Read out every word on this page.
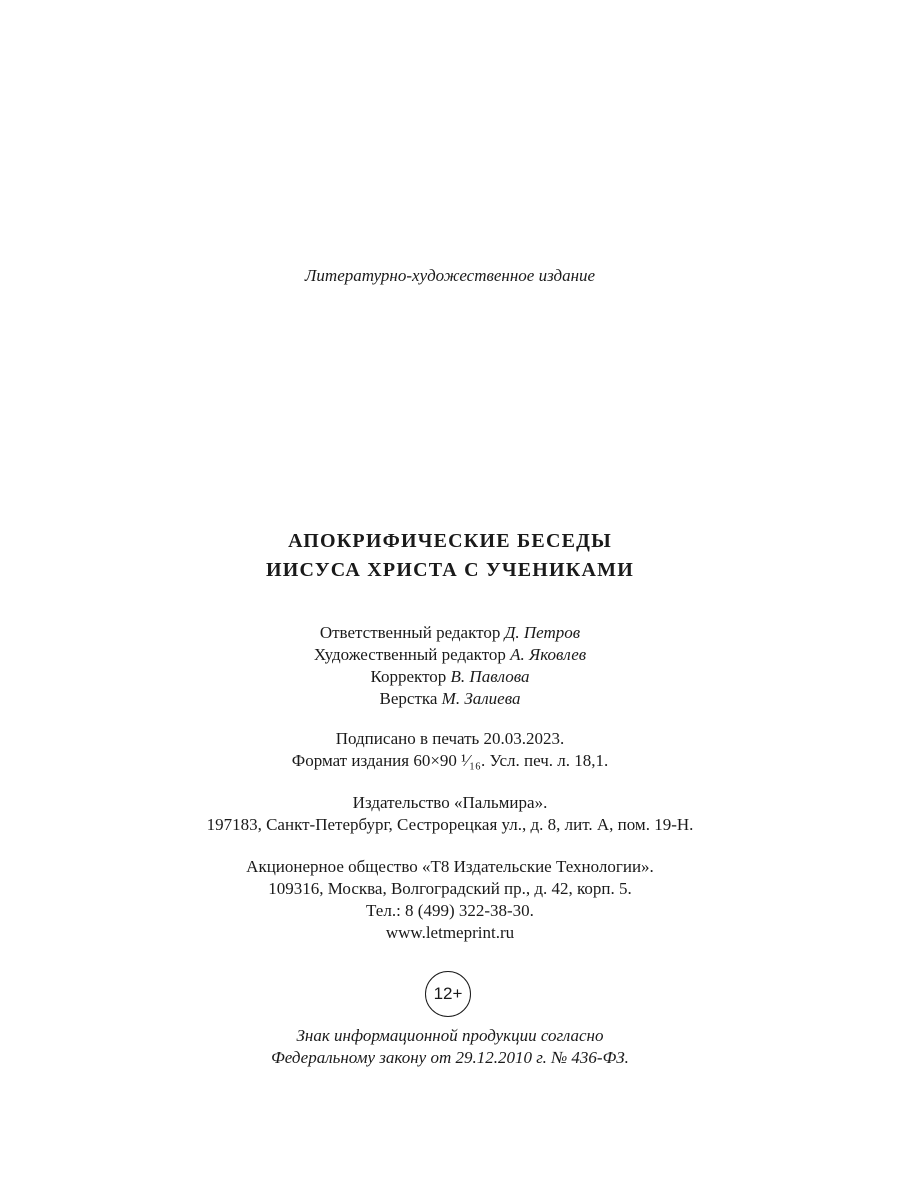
Литературно-художественное издание
АПОКРИФИЧЕСКИЕ БЕСЕДЫ
ИИСУСА ХРИСТА С УЧЕНИКАМИ
Ответственный редактор Д. Петров
Художественный редактор А. Яковлев
Корректор В. Павлова
Верстка М. Залиева
Подписано в печать 20.03.2023.
Формат издания 60×90 ¹⁄₁₆. Усл. печ. л. 18,1.
Издательство «Пальмира».
197183, Санкт-Петербург, Сестрорецкая ул., д. 8, лит. А, пом. 19-Н.
Акционерное общество «Т8 Издательские Технологии».
109316, Москва, Волгоградский пр., д. 42, корп. 5.
Тел.: 8 (499) 322-38-30.
www.letmeprint.ru
12+
Знак информационной продукции согласно
Федеральному закону от 29.12.2010 г. № 436-ФЗ.
